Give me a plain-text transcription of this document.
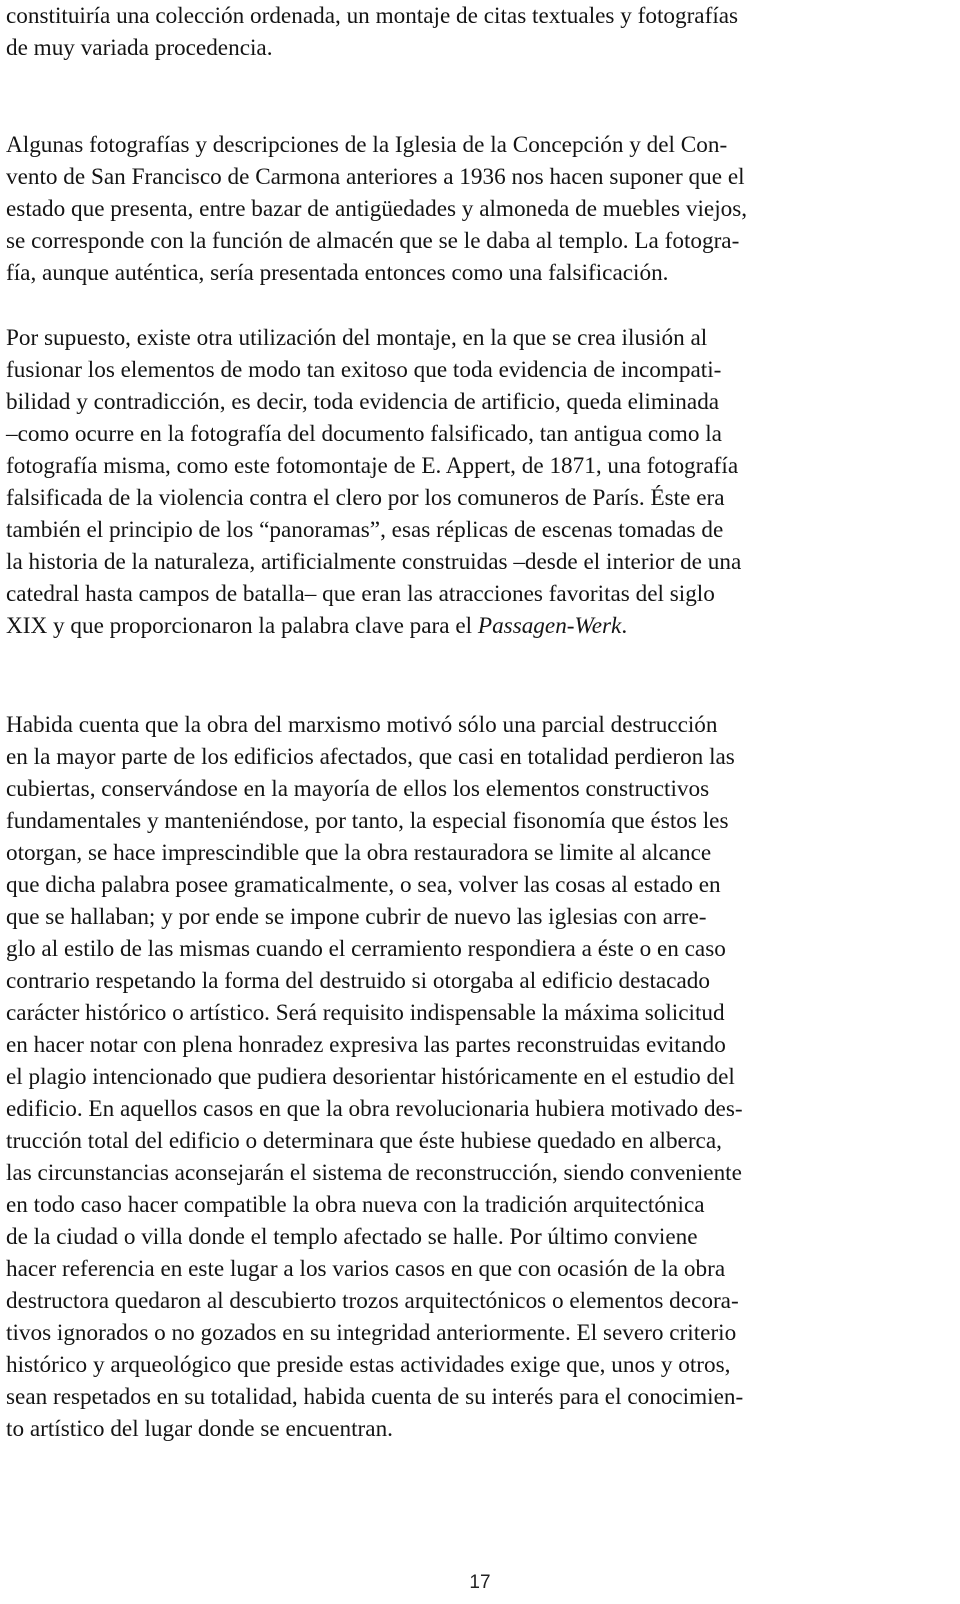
constituiría una colección ordenada, un montaje de citas textuales y fotografías
de muy variada procedencia.
Algunas fotografías y descripciones de la Iglesia de la Concepción y del Con-
vento de San Francisco de Carmona anteriores a 1936 nos hacen suponer que el
estado que presenta, entre bazar de antigüedades y almoneda de muebles viejos,
se corresponde con la función de almacén que se le daba al templo. La fotogra-
fía, aunque auténtica, sería presentada entonces como una falsificación.
Por supuesto, existe otra utilización del montaje, en la que se crea ilusión al
fusionar los elementos de modo tan exitoso que toda evidencia de incompati-
bilidad y contradicción, es decir, toda evidencia de artificio, queda eliminada
–como ocurre en la fotografía del documento falsificado, tan antigua como la
fotografía misma, como este fotomontaje de E. Appert, de 1871, una fotografía
falsificada de la violencia contra el clero por los comuneros de París. Éste era
también el principio de los “panoramas”, esas réplicas de escenas tomadas de
la historia de la naturaleza, artificialmente construidas –desde el interior de una
catedral hasta campos de batalla– que eran las atracciones favoritas del siglo
XIX y que proporcionaron la palabra clave para el Passagen-Werk.
Habida cuenta que la obra del marxismo motivó sólo una parcial destrucción
en la mayor parte de los edificios afectados, que casi en totalidad perdieron las
cubiertas, conservándose en la mayoría de ellos los elementos constructivos
fundamentales y manteniéndose, por tanto, la especial fisonomía que éstos les
otorgan, se hace imprescindible que la obra restauradora se limite al alcance
que dicha palabra posee gramaticalmente, o sea, volver las cosas al estado en
que se hallaban; y por ende se impone cubrir de nuevo las iglesias con arre-
glo al estilo de las mismas cuando el cerramiento respondiera a éste o en caso
contrario respetando la forma del destruido si otorgaba al edificio destacado
carácter histórico o artístico. Será requisito indispensable la máxima solicitud
en hacer notar con plena honradez expresiva las partes reconstruidas evitando
el plagio intencionado que pudiera desorientar históricamente en el estudio del
edificio. En aquellos casos en que la obra revolucionaria hubiera motivado des-
trucción total del edificio o determinara que éste hubiese quedado en alberca,
las circunstancias aconsejarán el sistema de reconstrucción, siendo conveniente
en todo caso hacer compatible la obra nueva con la tradición arquitectónica
de la ciudad o villa donde el templo afectado se halle. Por último conviene
hacer referencia en este lugar a los varios casos en que con ocasión de la obra
destructora quedaron al descubierto trozos arquitectónicos o elementos decora-
tivos ignorados o no gozados en su integridad anteriormente. El severo criterio
histórico y arqueológico que preside estas actividades exige que, unos y otros,
sean respetados en su totalidad, habida cuenta de su interés para el conocimien-
to artístico del lugar donde se encuentran.
17
